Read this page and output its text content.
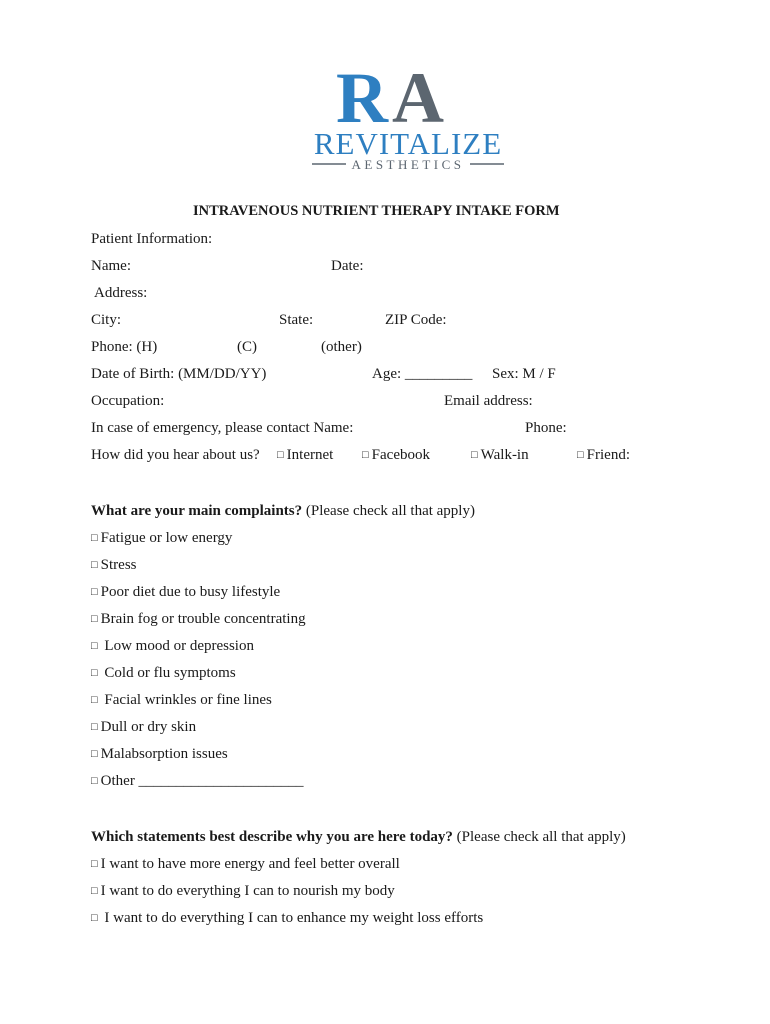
R A
REVITALIZE
AESTHETICS
INTRAVENOUS NUTRIENT THERAPY INTAKE FORM
Patient Information:
Name:	Date:
Address:
City:	State:	ZIP Code:
Phone: (H)	(C)	(other)
Date of Birth: (MM/DD/YY)	Age: _________ Sex: M / F
Occupation:	Email address:
In case of emergency, please contact Name:	Phone:
How did you hear about us? □ Internet	□ Facebook	□ Walk-in	□ Friend:
What are your main complaints? (Please check all that apply)
□ Fatigue or low energy
□ Stress
□ Poor diet due to busy lifestyle
□ Brain fog or trouble concentrating
□ Low mood or depression
□ Cold or flu symptoms
□ Facial wrinkles or fine lines
□ Dull or dry skin
□ Malabsorption issues
□ Other ______________________
Which statements best describe why you are here today? (Please check all that apply)
□ I want to have more energy and feel better overall
□ I want to do everything I can to nourish my body
□ I want to do everything I can to enhance my weight loss efforts
